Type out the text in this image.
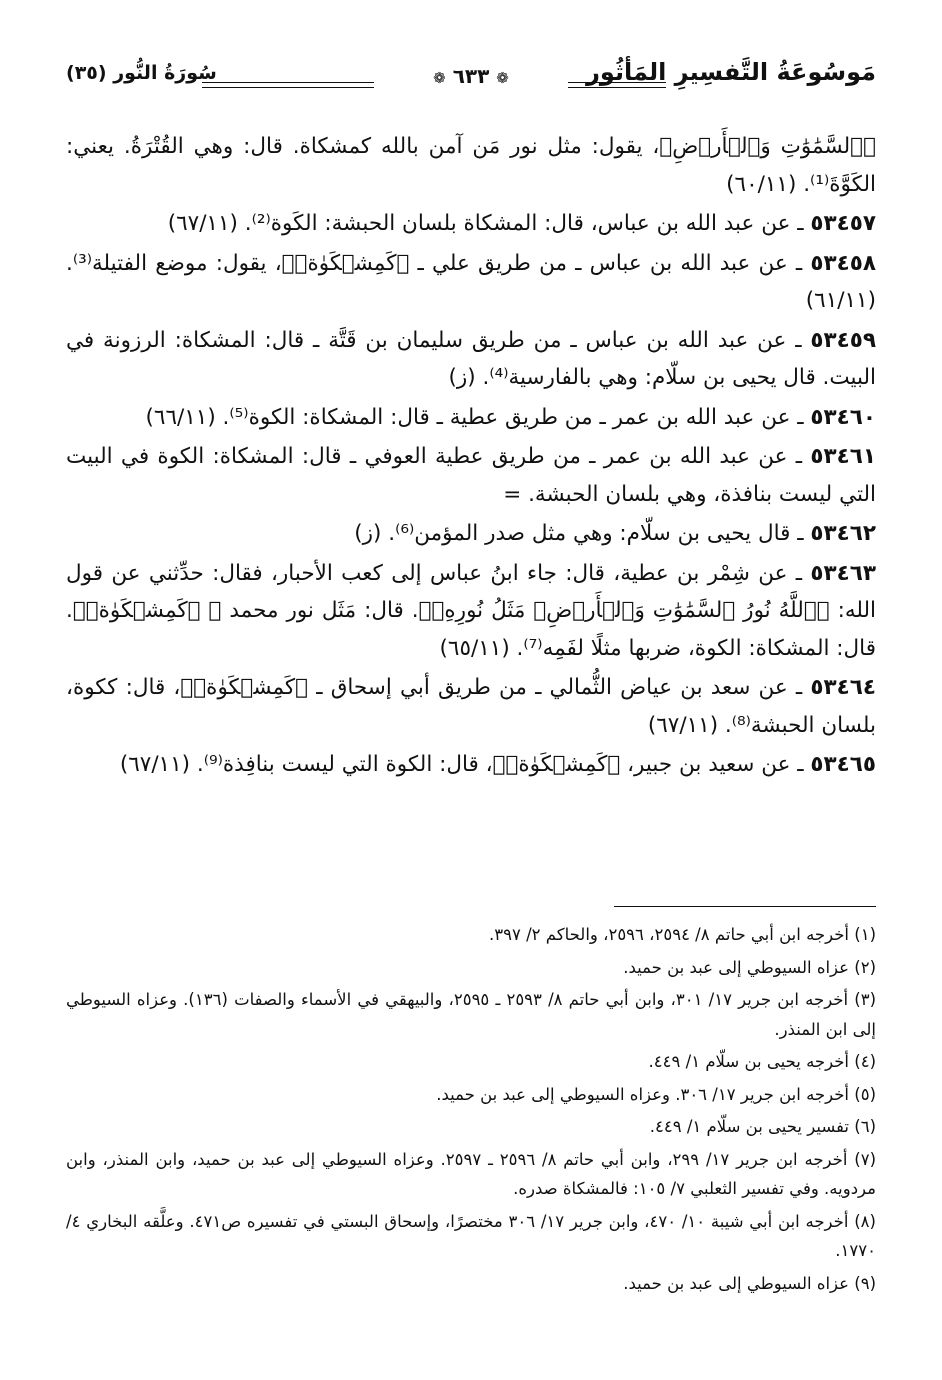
مَوسُوعَةُ التَّفسِيرِ المَأثُور
❁ ٦٣٣ ❁
سُورَةُ النُّور (٣٥)

﴿ٱلسَّمَٰوَٰتِ وَٱلۡأَرۡضِ﴾، يقول: مثل نور مَن آمن بالله كمشكاة. قال: وهي القُتْرَةُ. يعني: الكَوَّةَ⁽¹⁾. (٦٠/١١)

٥٣٤٥٧ ـ عن عبد الله بن عباس، قال: المشكاة بلسان الحبشة: الكَوة⁽²⁾. (٦٧/١١)

٥٣٤٥٨ ـ عن عبد الله بن عباس ـ من طريق علي ـ ﴿كَمِشۡكَوٰةٖ﴾، يقول: موضع الفتيلة⁽³⁾. (٦١/١١)

٥٣٤٥٩ ـ عن عبد الله بن عباس ـ من طريق سليمان بن قَتَّة ـ قال: المشكاة: الرزونة في البيت. قال يحيى بن سلّام: وهي بالفارسية⁽⁴⁾. (ز)

٥٣٤٦٠ ـ عن عبد الله بن عمر ـ من طريق عطية ـ قال: المشكاة: الكوة⁽⁵⁾. (٦٦/١١)

٥٣٤٦١ ـ عن عبد الله بن عمر ـ من طريق عطية العوفي ـ قال: المشكاة: الكوة في البيت التي ليست بنافذة، وهي بلسان الحبشة. =

٥٣٤٦٢ ـ قال يحيى بن سلّام: وهي مثل صدر المؤمن⁽⁶⁾. (ز)

٥٣٤٦٣ ـ عن شِمْر بن عطية، قال: جاء ابنُ عباس إلى كعب الأحبار، فقال: حدِّثني عن قول الله: ﴿ٱللَّهُ نُورُ ٱلسَّمَٰوَٰتِ وَٱلۡأَرۡضِۚ مَثَلُ نُورِهِۦ﴾. قال: مَثَل نور محمد ﷺ ﴿كَمِشۡكَوٰةٖ﴾. قال: المشكاة: الكوة، ضربها مثلًا لفَمِه⁽⁷⁾. (٦٥/١١)

٥٣٤٦٤ ـ عن سعد بن عياض الثُّمالي ـ من طريق أبي إسحاق ـ ﴿كَمِشۡكَوٰةٖ﴾، قال: ككوة، بلسان الحبشة⁽⁸⁾. (٦٧/١١)

٥٣٤٦٥ ـ عن سعيد بن جبير، ﴿كَمِشۡكَوٰةٖ﴾، قال: الكوة التي ليست بنافِذة⁽⁹⁾. (٦٧/١١)

(١) أخرجه ابن أبي حاتم ٨/ ٢٥٩٤، ٢٥٩٦، والحاكم ٢/ ٣٩٧.

(٢) عزاه السيوطي إلى عبد بن حميد.

(٣) أخرجه ابن جرير ١٧/ ٣٠١، وابن أبي حاتم ٨/ ٢٥٩٣ ـ ٢٥٩٥، والبيهقي في الأسماء والصفات (١٣٦). وعزاه السيوطي إلى ابن المنذر.

(٤) أخرجه يحيى بن سلّام ١/ ٤٤٩.

(٥) أخرجه ابن جرير ١٧/ ٣٠٦. وعزاه السيوطي إلى عبد بن حميد.

(٦) تفسير يحيى بن سلّام ١/ ٤٤٩.

(٧) أخرجه ابن جرير ١٧/ ٢٩٩، وابن أبي حاتم ٨/ ٢٥٩٦ ـ ٢٥٩٧. وعزاه السيوطي إلى عبد بن حميد، وابن المنذر، وابن مردويه. وفي تفسير الثعلبي ٧/ ١٠٥: فالمشكاة صدره.

(٨) أخرجه ابن أبي شيبة ١٠/ ٤٧٠، وابن جرير ١٧/ ٣٠٦ مختصرًا، وإسحاق البستي في تفسيره ص٤٧١. وعلَّقه البخاري ٤/ ١٧٧٠.

(٩) عزاه السيوطي إلى عبد بن حميد.
